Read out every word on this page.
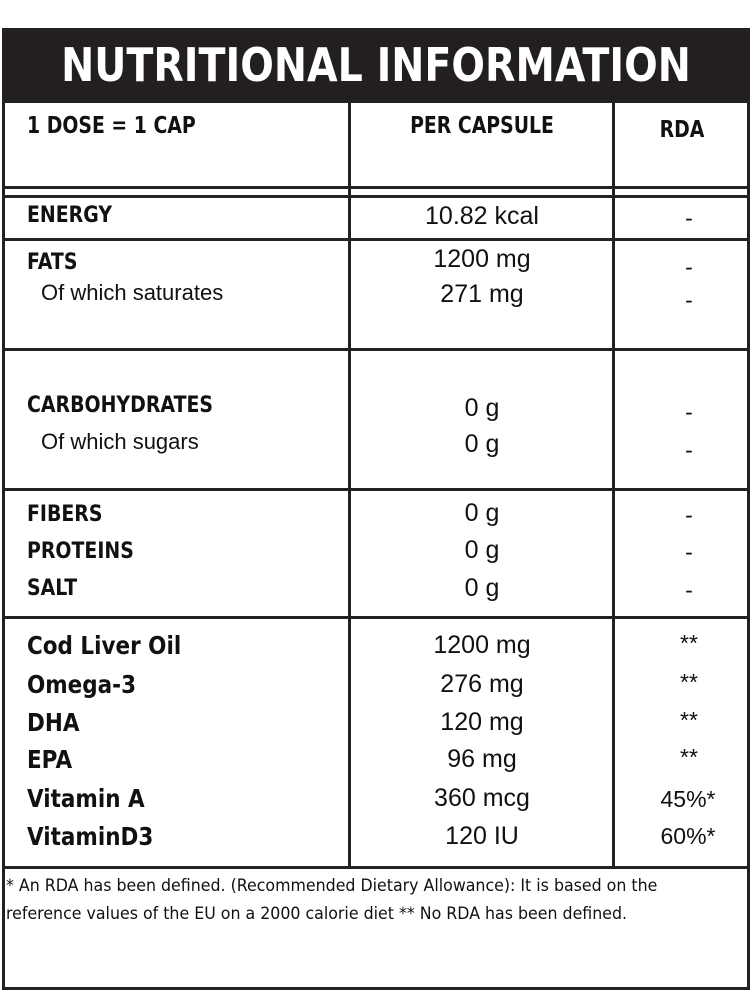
NUTRITIONAL INFORMATION
1 DOSE = 1 CAP	PER CAPSULE	RDA
ENERGY	10.82 kcal	-
FATS	1200 mg	-
Of which saturates	271 mg	-
CARBOHYDRATES	0 g	-
Of which sugars	0 g	-
FIBERS	0 g	-
PROTEINS	0 g	-
SALT	0 g	-
Cod Liver Oil	1200 mg	**
Omega-3	276 mg	**
DHA	120 mg	**
EPA	96 mg	**
Vitamin A	360 mcg	45%*
VitaminD3	120 IU	60%*
* An RDA has been defined. (Recommended Dietary Allowance): It is based on the reference values of the EU on a 2000 calorie diet ** No RDA has been defined.
